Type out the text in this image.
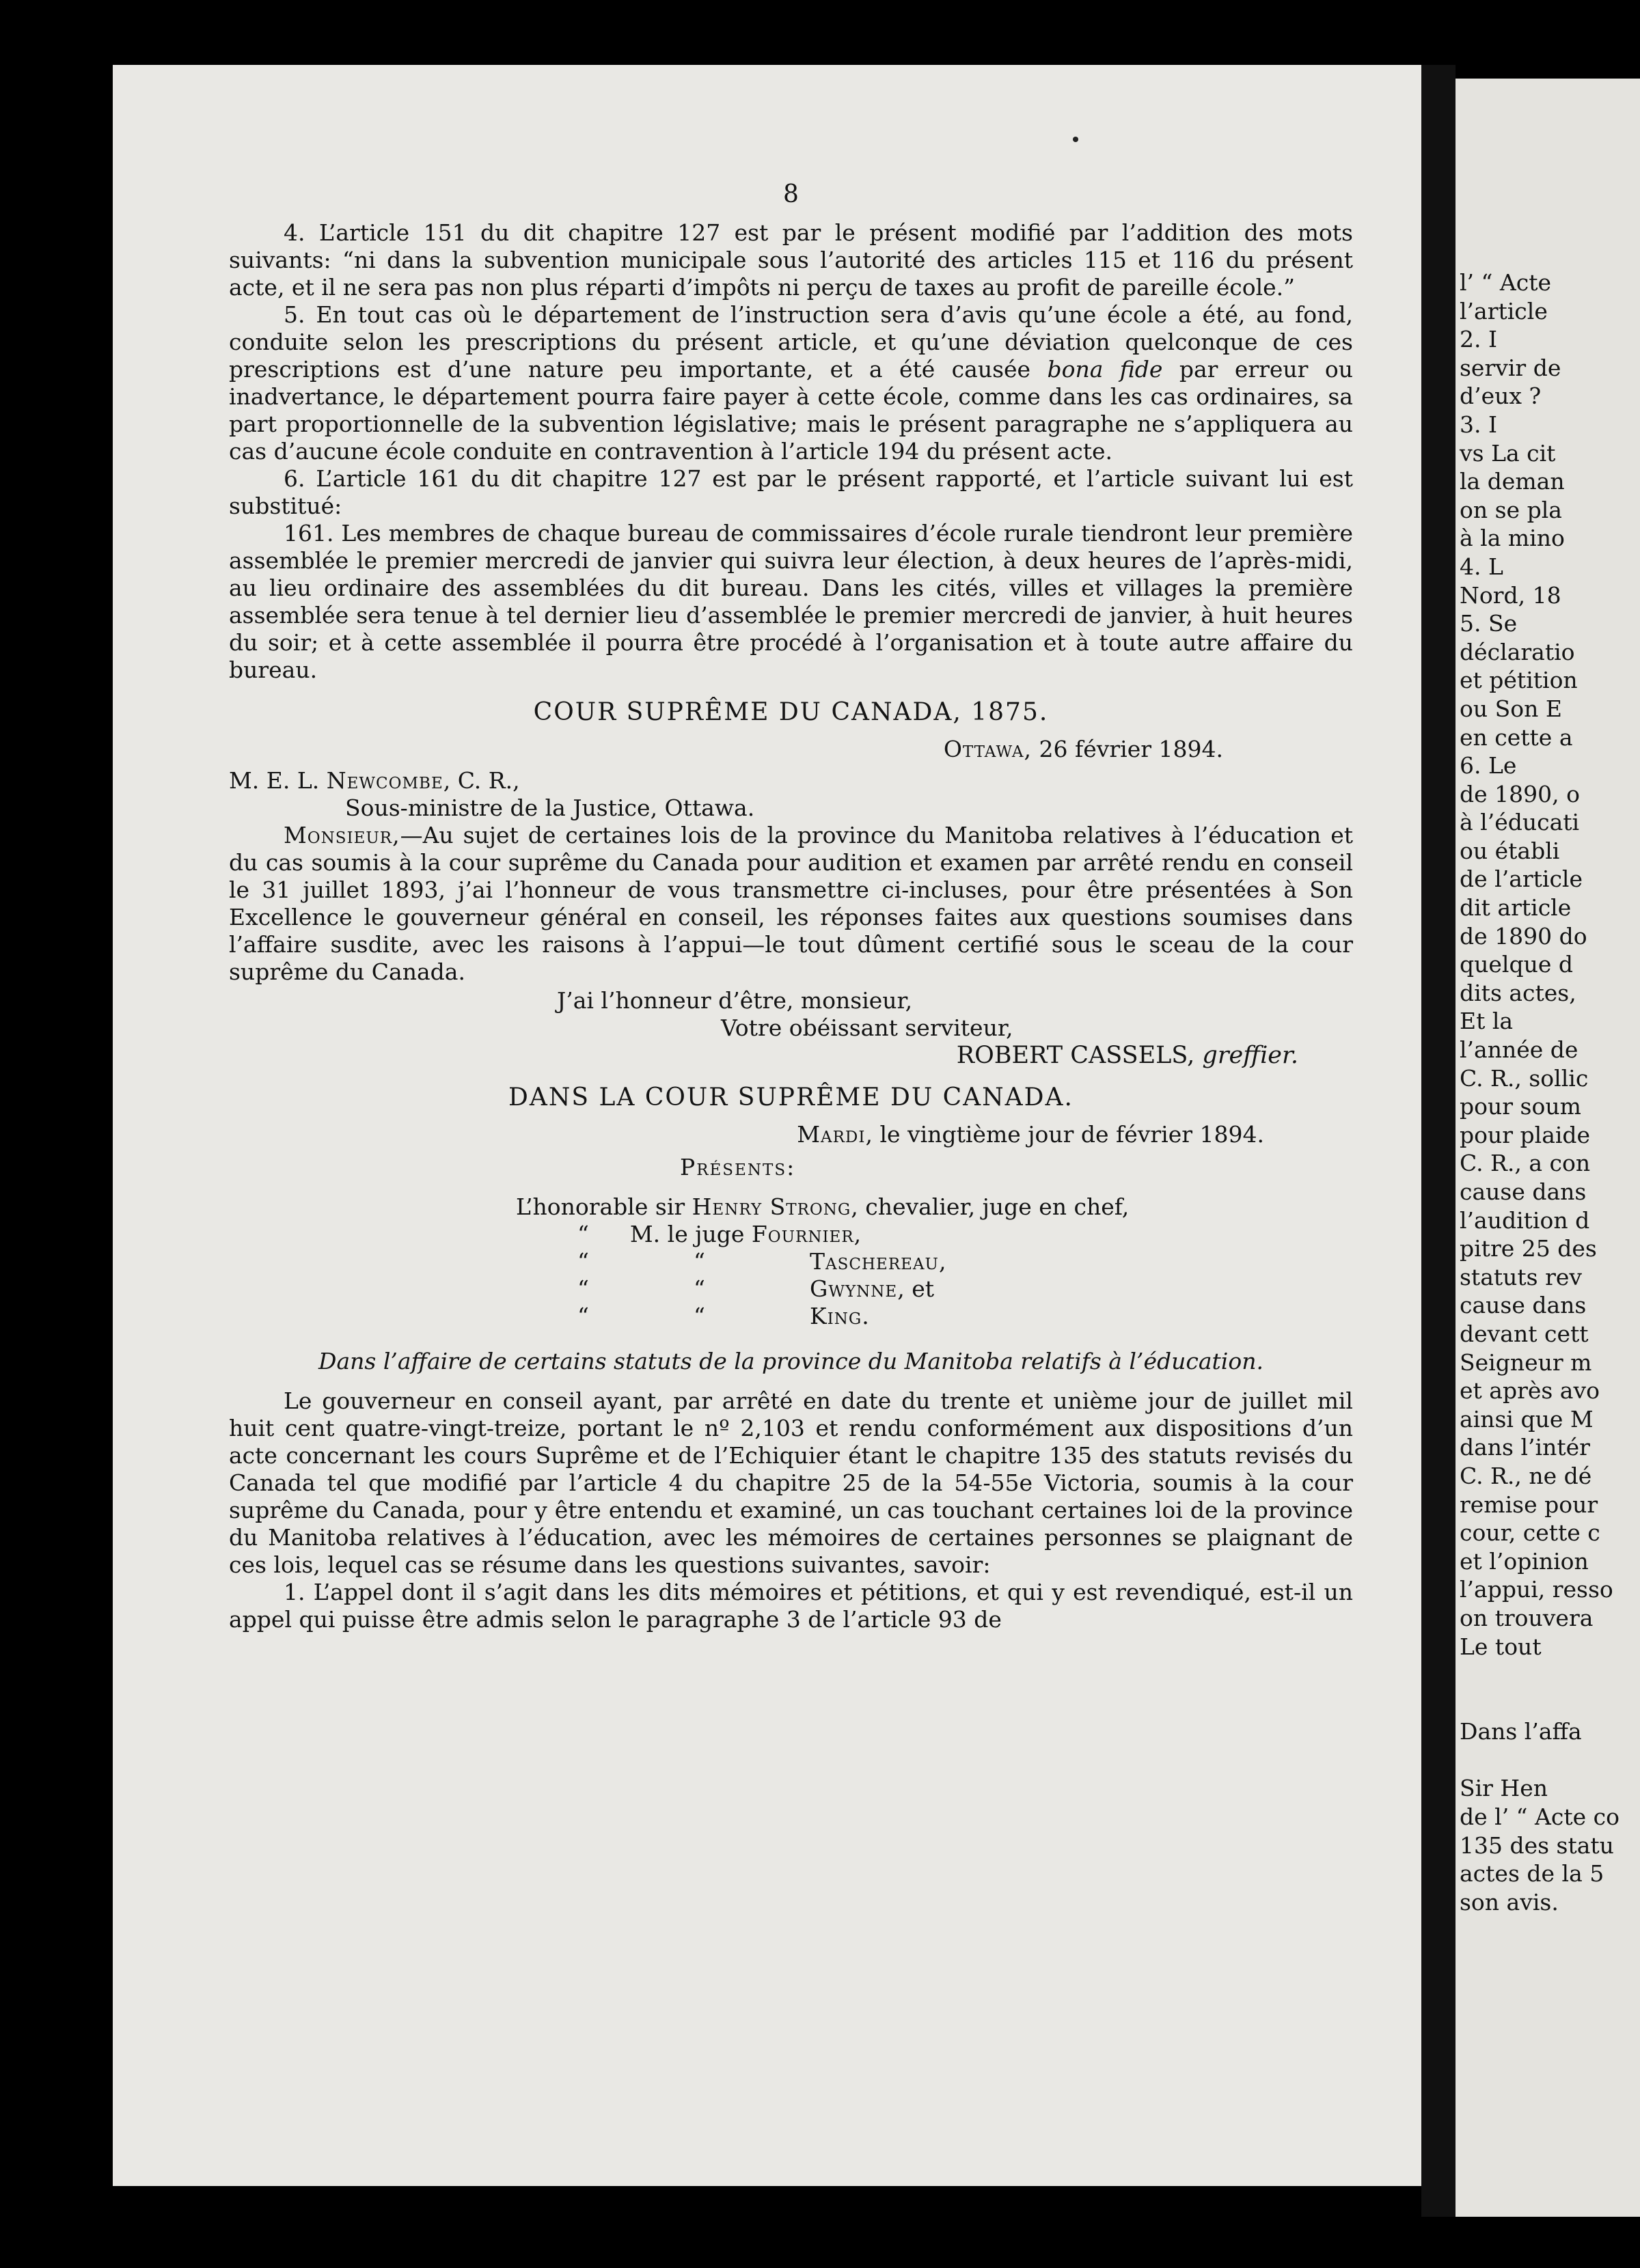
8

4. L’article 151 du dit chapitre 127 est par le présent modifié par l’addition des mots suivants: “ni dans la subvention municipale sous l’autorité des articles 115 et 116 du présent acte, et il ne sera pas non plus réparti d’impôts ni perçu de taxes au profit de pareille école.”

5. En tout cas où le département de l’instruction sera d’avis qu’une école a été, au fond, conduite selon les prescriptions du présent article, et qu’une déviation quelconque de ces prescriptions est d’une nature peu importante, et a été causée bona fide par erreur ou inadvertance, le département pourra faire payer à cette école, comme dans les cas ordinaires, sa part proportionnelle de la subvention législative; mais le présent paragraphe ne s’appliquera au cas d’aucune école conduite en contravention à l’article 194 du présent acte.

6. L’article 161 du dit chapitre 127 est par le présent rapporté, et l’article suivant lui est substitué:

161. Les membres de chaque bureau de commissaires d’école rurale tiendront leur première assemblée le premier mercredi de janvier qui suivra leur élection, à deux heures de l’après-midi, au lieu ordinaire des assemblées du dit bureau. Dans les cités, villes et villages la première assemblée sera tenue à tel dernier lieu d’assemblée le premier mercredi de janvier, à huit heures du soir; et à cette assemblée il pourra être procédé à l’organisation et à toute autre affaire du bureau.

COUR SUPRÊME DU CANADA, 1875.
Ottawa, 26 février 1894.
M. E. L. Newcombe, C. R.,
Sous-ministre de la Justice, Ottawa.

Monsieur,—Au sujet de certaines lois de la province du Manitoba relatives à l’éducation et du cas soumis à la cour suprême du Canada pour audition et examen par arrêté rendu en conseil le 31 juillet 1893, j’ai l’honneur de vous transmettre ci-incluses, pour être présentées à Son Excellence le gouverneur général en conseil, les réponses faites aux questions soumises dans l’affaire susdite, avec les raisons à l’appui—le tout dûment certifié sous le sceau de la cour suprême du Canada.

J’ai l’honneur d’être, monsieur,
Votre obéissant serviteur,
ROBERT CASSELS, greffier.
DANS LA COUR SUPRÊME DU CANADA.
Mardi, le vingtième jour de février 1894.
Présents:
L’honorable sir Henry Strong, chevalier, juge en chef,
“ M. le juge Fournier,
“	“	Taschereau,
“	“	Gwynne, et
“	“	King.
Dans l’affaire de certains statuts de la province du Manitoba relatifs à l’éducation.

Le gouverneur en conseil ayant, par arrêté en date du trente et unième jour de juillet mil huit cent quatre-vingt-treize, portant le nº 2,103 et rendu conformément aux dispositions d’un acte concernant les cours Suprême et de l’Echiquier étant le chapitre 135 des statuts revisés du Canada tel que modifié par l’article 4 du chapitre 25 de la 54-55e Victoria, soumis à la cour suprême du Canada, pour y être entendu et examiné, un cas touchant certaines loi de la province du Manitoba relatives à l’éducation, avec les mémoires de certaines personnes se plaignant de ces lois, lequel cas se résume dans les questions suivantes, savoir:

1. L’appel dont il s’agit dans les dits mémoires et pétitions, et qui y est revendiqué, est-il un appel qui puisse être admis selon le paragraphe 3 de l’article 93 de

l’ “ Acte
l’article
2. I
servir de
d’eux ?
3. I
vs La cit
la deman
on se pla
à la mino
4. L
Nord, 18
5. Se
déclaratio
et pétition
ou Son E
en cette a
6. Le
de 1890, o
à l’éducati
ou établi
de l’article
dit article
de 1890 do
quelque d
dits actes,
Et la
l’année de
C. R., sollic
pour soum
pour plaide
C. R., a con
cause dans
l’audition d
pitre 25 des
statuts rev
cause dans
devant cett
Seigneur m
et après avo
ainsi que M
dans l’intér
C. R., ne dé
remise pour
cour, cette c
et l’opinion
l’appui, resso
on trouvera
Le tout
Dans l’affa
Sir Hen
de l’ “ Acte co
135 des statu
actes de la 5
son avis.
